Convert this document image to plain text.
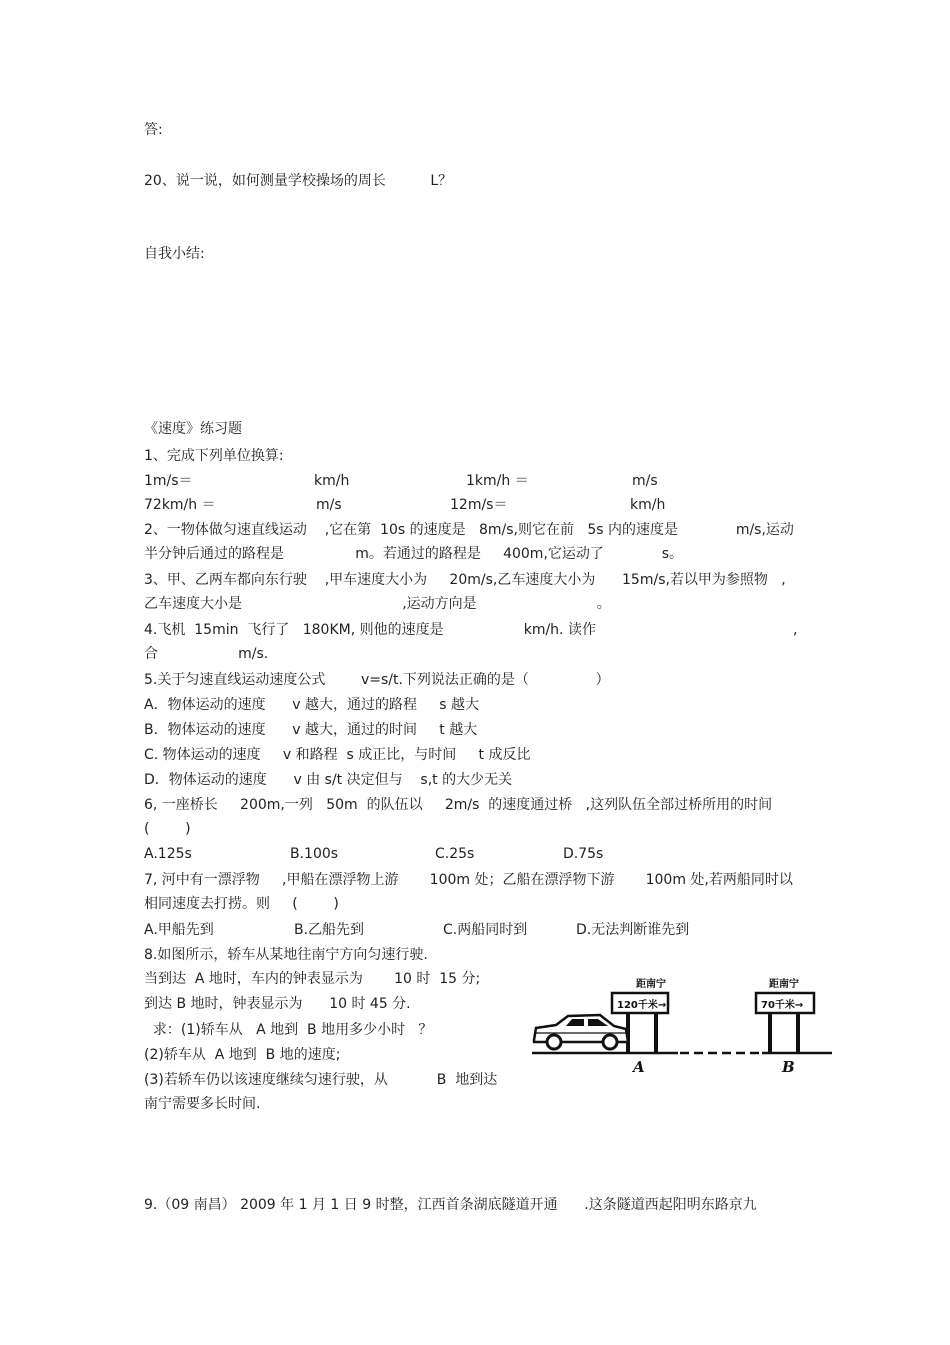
答:
20、说一说，如何测量学校操场的周长          L？
自我小结:
《速度》练习题
1、完成下列单位换算:
1m/s＝	km/h	1km/h ＝	m/s
72km/h ＝	m/s	12m/s＝	km/h
2、一物体做匀速直线运动    ,它在第  10s 的速度是   8m/s,则它在前   5s 内的速度是             m/s,运动
半分钟后通过的路程是                m。若通过的路程是     400m,它运动了             s。
3、甲、乙两车都向东行驶    ,甲车速度大小为     20m/s,乙车速度大小为      15m/s,若以甲为参照物   ,
乙车速度大小是                                    ,运动方向是                           。
4.飞机  15min  飞行了   180KM, 则他的速度是                  km/h. 读作	,
合                  m/s.
5.关于匀速直线运动速度公式        v=s/t.下列说法正确的是（               ）
A．物体运动的速度      v 越大，通过的路程     s 越大
B．物体运动的速度      v 越大，通过的时间     t 越大
C. 物体运动的速度     v 和路程  s 成正比，与时间     t 成反比
D．物体运动的速度      v 由 s/t 决定但与    s,t 的大少无关
6, 一座桥长     200m,一列   50m  的队伍以     2m/s  的速度通过桥   ,这列队伍全部过桥所用的时间
(        )
A.125s	B.100s	C.25s	D.75s
7, 河中有一漂浮物     ,甲船在漂浮物上游       100m 处；乙船在漂浮物下游       100m 处,若两船同时以
相同速度去打捞。则     (        )
A.甲船先到	B.乙船先到	C.两船同时到	D.无法判断谁先到
8.如图所示，轿车从某地往南宁方向匀速行驶.
当到达  A 地时，车内的钟表显示为       10 时  15 分;
到达 B 地时，钟表显示为      10 时 45 分.
求：(1)轿车从   A 地到  B 地用多少小时   ？
(2)轿车从  A 地到  B 地的速度;
(3)若轿车仍以该速度继续匀速行驶，从           B  地到达
南宁需要多长时间.
距南宁
120千米→
距南宁
70千米→
A	B
9.（09 南昌） 2009 年 1 月 1 日 9 时整，江西首条湖底隧道开通      .这条隧道西起阳明东路京九
